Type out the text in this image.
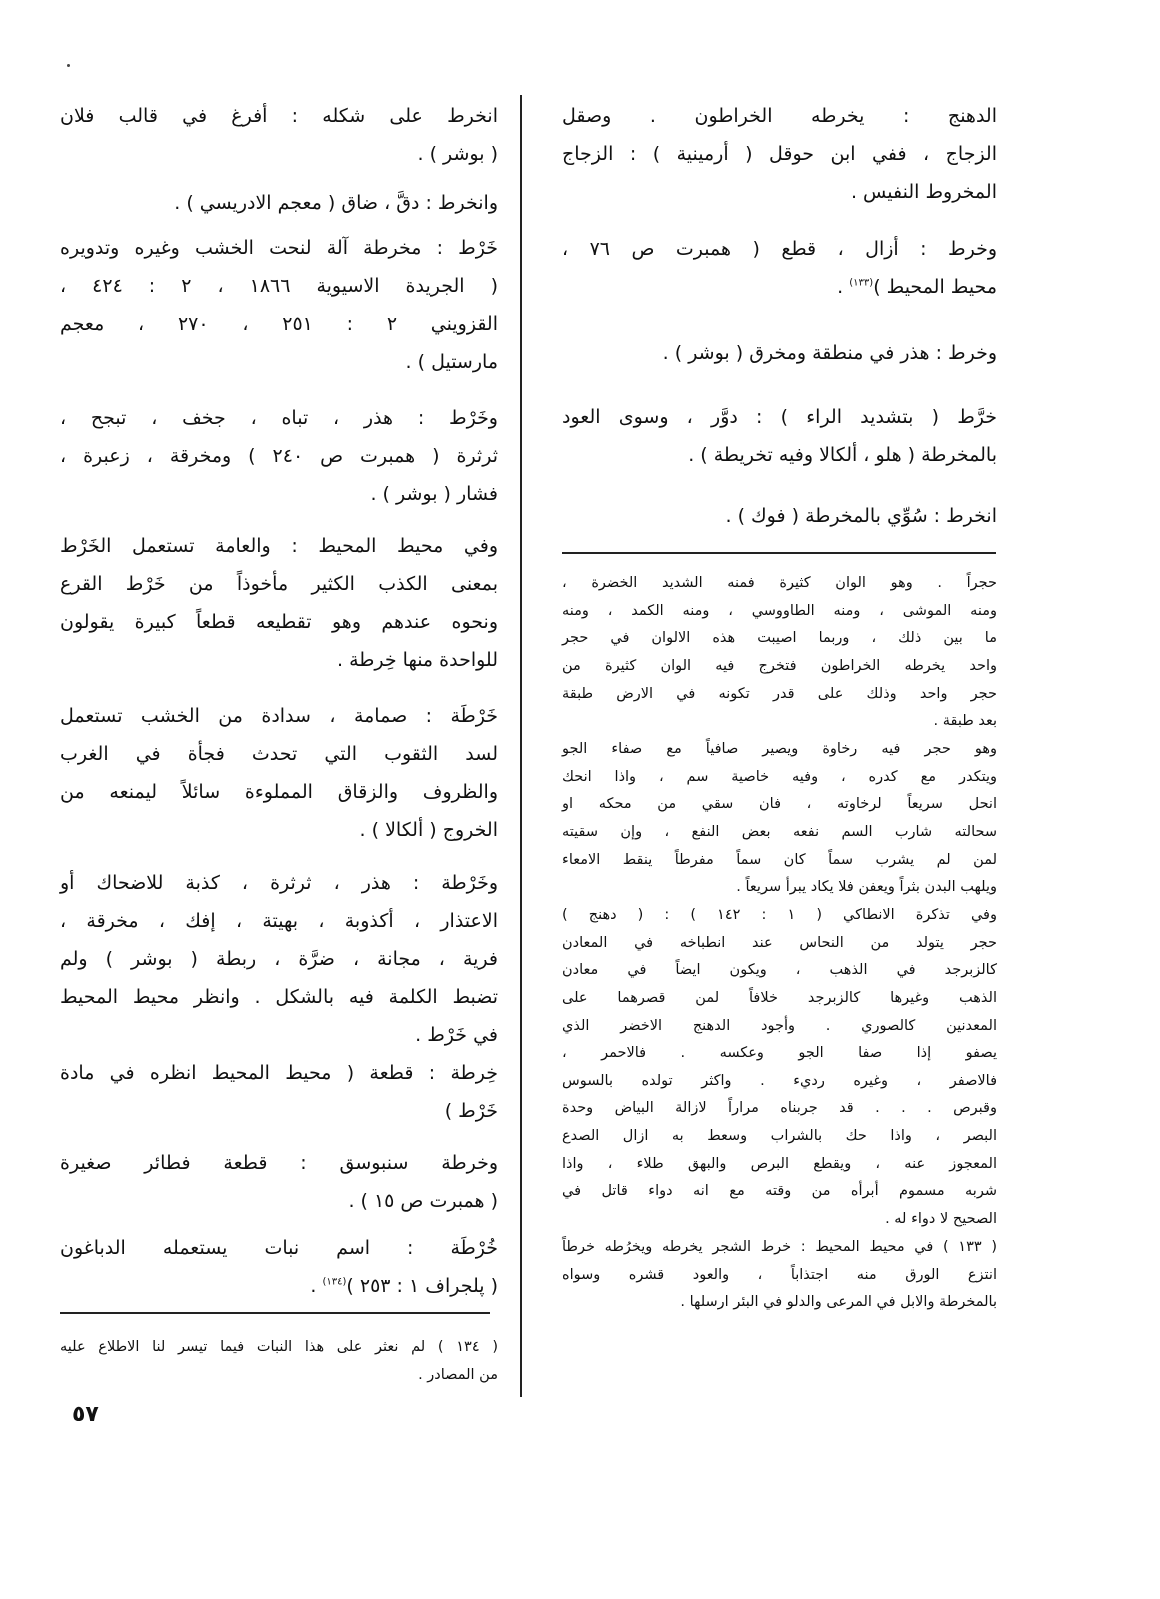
الدهنج : يخرطه الخراطون . وصقل
الزجاج ، ففي ابن حوقل ( أرمينية ) : الزجاج
المخروط النفيس .
وخرط : أزال ، قطع ( همبرت ص ٧٦ ،
محيط المحيط )$^{(١٣٣)}$ .
وخرط : هذر في منطقة ومخرق ( بوشر ) .
خرَّط ( بتشديد الراء ) : دوَّر ، وسوى العود
بالمخرطة ( هلو ، ألكالا وفيه تخريطة ) .
انخرط : سُوِّي بالمخرطة ( فوك ) .
حجراً . وهو الوان كثيرة فمنه الشديد الخضرة ،
ومنه الموشى ، ومنه الطاووسي ، ومنه الكمد ، ومنه
ما بين ذلك ، وربما اصيبت هذه الالوان في حجر
واحد يخرطه الخراطون فتخرج فيه الوان كثيرة من
حجر واحد وذلك على قدر تكونه في الارض طبقة
بعد طبقة .
وهو حجر فيه رخاوة ويصير صافياً مع صفاء الجو
ويتكدر مع كدره ، وفيه خاصية سم ، واذا انحك
انحل سريعاً لرخاوته ، فان سقي من محكه او
سحالته شارب السم نفعه بعض النفع ، وإن سقيته
لمن لم يشرب سماً كان سماً مفرطاً ينقط الامعاء
ويلهب البدن بثراً ويعفن فلا يكاد يبرأ سريعاً .
وفي تذكرة الانطاكي ( ١ : ١٤٢ ) : ( دهنج )
حجر يتولد من النحاس عند انطباخه في المعادن
كالزبرجد في الذهب ، ويكون ايضاً في معادن
الذهب وغيرها كالزبرجد خلافاً لمن قصرهما على
المعدنين كالصوري . وأجود الدهنج الاخضر الذي
يصفو إذا صفا الجو وعكسه . فالاحمر ،
فالاصفر ، وغيره رديء . واكثر تولده بالسوس
وقبرص . . . قد جربناه مراراً لازالة البياض وحدة
البصر ، واذا حك بالشراب وسعط به ازال الصدع
المعجوز عنه ، ويقطع البرص والبهق طلاء ، واذا
شربه مسموم أبرأه من وقته مع انه دواء قاتل في
الصحيح لا دواء له .
( ١٣٣ ) في محيط المحيط : خرط الشجر يخرطه ويخرُطه خرطاً
انتزع الورق منه اجتذاباً ، والعود قشره وسواه
بالمخرطة والابل في المرعى والدلو في البئر ارسلها .
انخرط على شكله : أفرغ في قالب فلان
( بوشر ) .
وانخرط : دقَّ ، ضاق ( معجم الادريسي ) .
خَرْط : مخرطة آلة لنحت الخشب وغيره وتدويره
( الجريدة الاسيوية ١٨٦٦ ، ٢ : ٤٢٤ ،
القزويني ٢ : ٢٥١ ، ٢٧٠ ، معجم
مارستيل ) .
وخَرْط : هذر ، تباه ، جخف ، تبجح ،
ثرثرة ( همبرت ص ٢٤٠ ) ومخرقة ، زعبرة ،
فشار ( بوشر ) .
وفي محيط المحيط : والعامة تستعمل الخَرْط
بمعنى الكذب الكثير مأخوذاً من خَرْط القرع
ونحوه عندهم وهو تقطيعه قطعاً كبيرة يقولون
للواحدة منها خِرطة .
خَرْطَة : صمامة ، سدادة من الخشب تستعمل
لسد الثقوب التي تحدث فجأة في الغرب
والظروف والزقاق المملوءة سائلاً ليمنعه من
الخروج ( ألكالا ) .
وخَرْطة : هذر ، ثرثرة ، كذبة للاضحاك أو
الاعتذار ، أكذوبة ، بهيتة ، إفك ، مخرقة ،
فرية ، مجانة ، ضرَّة ، ربطة ( بوشر ) ولم
تضبط الكلمة فيه بالشكل . وانظر محيط المحيط
في خَرْط .
خِرطة : قطعة ( محيط المحيط انظره في مادة
خَرْط )
وخرطة سنبوسق : قطعة فطائر صغيرة
( همبرت ص ١٥ ) .
خُرْطَة : اسم نبات يستعمله الدباغون
( پلجراف ١ : ٢٥٣ )$^{(١٣٤)}$ .
( ١٣٤ ) لم نعثر على هذا النبات فيما تيسر لنا الاطلاع عليه
من المصادر .
٥٧
